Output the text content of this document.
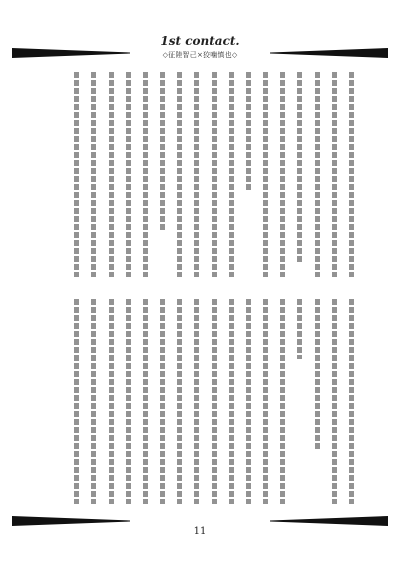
1st contact.
◇征陸智己×狡噛慎也◇
11
